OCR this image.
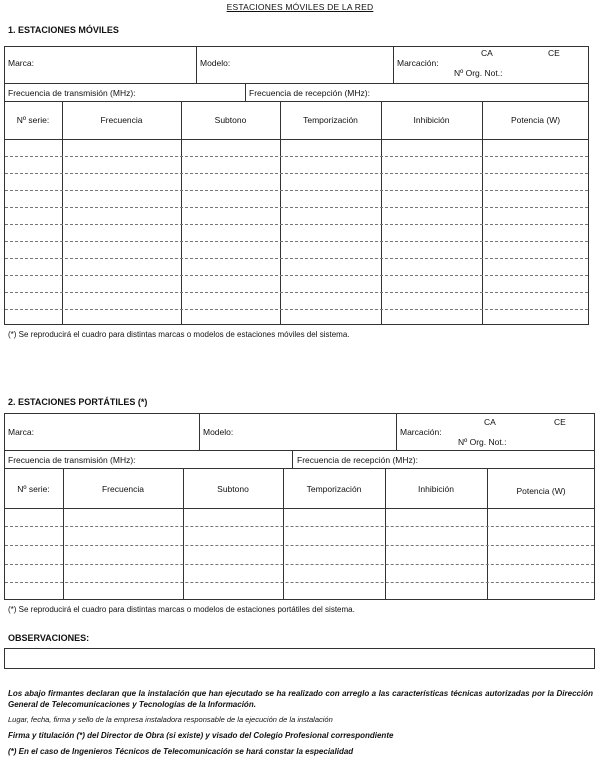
ESTACIONES MÓVILES DE LA RED
1. ESTACIONES MÓVILES
Marca:	Modelo:	Marcación:
CA	CE
Nº Org. Not.:
Frecuencia de transmisión (MHz):	Frecuencia de recepción (MHz):
Nº serie:	Frecuencia	Subtono	Temporización	Inhibición	Potencia (W)
(*) Se reproducirá el cuadro para distintas marcas o modelos de estaciones móviles del sistema.
2. ESTACIONES PORTÁTILES (*)
Marca:	Modelo:	Marcación:
CA	CE
Nº Org. Not.:
Frecuencia de transmisión (MHz):	Frecuencia de recepción (MHz):
Nº serie:	Frecuencia	Subtono	Temporización	Inhibición	Potencia (W)
(*) Se reproducirá el cuadro para distintas marcas o modelos de estaciones portátiles del sistema.
OBSERVACIONES:
Los abajo firmantes declaran que la instalación que han ejecutado se ha realizado con arreglo a las características técnicas autorizadas por la Dirección General de Telecomunicaciones y Tecnologías de la Información.
Lugar, fecha, firma y sello de la empresa instaladora responsable de la ejecución de la instalación
Firma y titulación (*) del Director de Obra (si existe) y visado del Colegio Profesional correspondiente
(*) En el caso de Ingenieros Técnicos de Telecomunicación se hará constar la especialidad
